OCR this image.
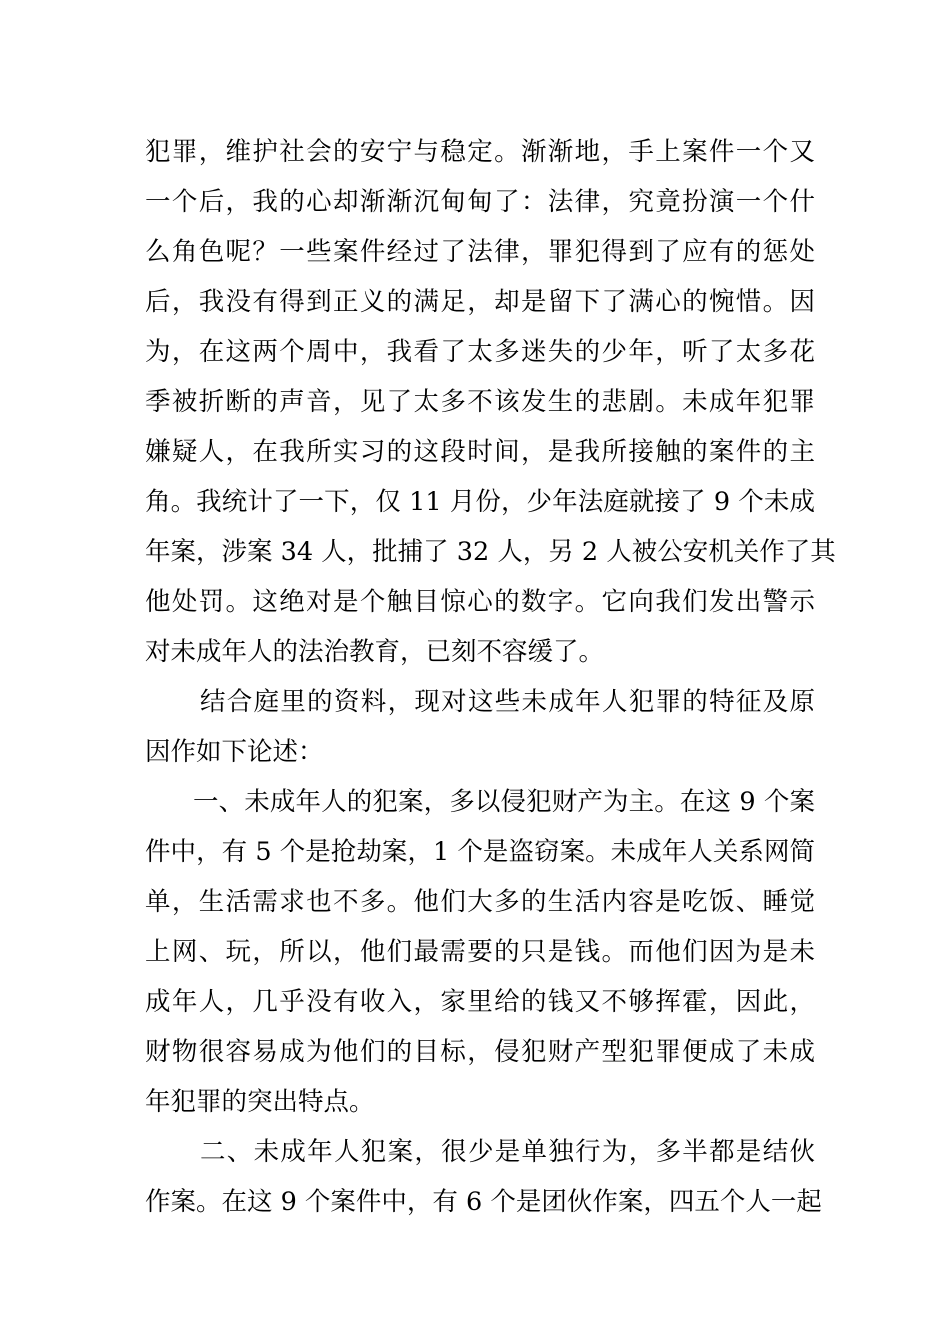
犯罪，维护社会的安宁与稳定。渐渐地，手上案件一个又
一个后，我的心却渐渐沉甸甸了：法律，究竟扮演一个什
么角色呢？一些案件经过了法律，罪犯得到了应有的惩处
后，我没有得到正义的满足，却是留下了满心的惋惜。因
为，在这两个周中，我看了太多迷失的少年，听了太多花
季被折断的声音，见了太多不该发生的悲剧。未成年犯罪
嫌疑人，在我所实习的这段时间，是我所接触的案件的主
角。我统计了一下，仅 11 月份，少年法庭就接了 9 个未成
年案，涉案 34 人，批捕了 32 人，另 2 人被公安机关作了其
他处罚。这绝对是个触目惊心的数字。它向我们发出警示
对未成年人的法治教育，已刻不容缓了。
结合庭里的资料，现对这些未成年人犯罪的特征及原
因作如下论述：
一、未成年人的犯案，多以侵犯财产为主。在这 9 个案
件中，有 5 个是抢劫案，1 个是盗窃案。未成年人关系网简
单，生活需求也不多。他们大多的生活内容是吃饭、睡觉
上网、玩，所以，他们最需要的只是钱。而他们因为是未
成年人，几乎没有收入，家里给的钱又不够挥霍，因此，
财物很容易成为他们的目标，侵犯财产型犯罪便成了未成
年犯罪的突出特点。
二、未成年人犯案，很少是单独行为，多半都是结伙
作案。在这 9 个案件中，有 6 个是团伙作案，四五个人一起
